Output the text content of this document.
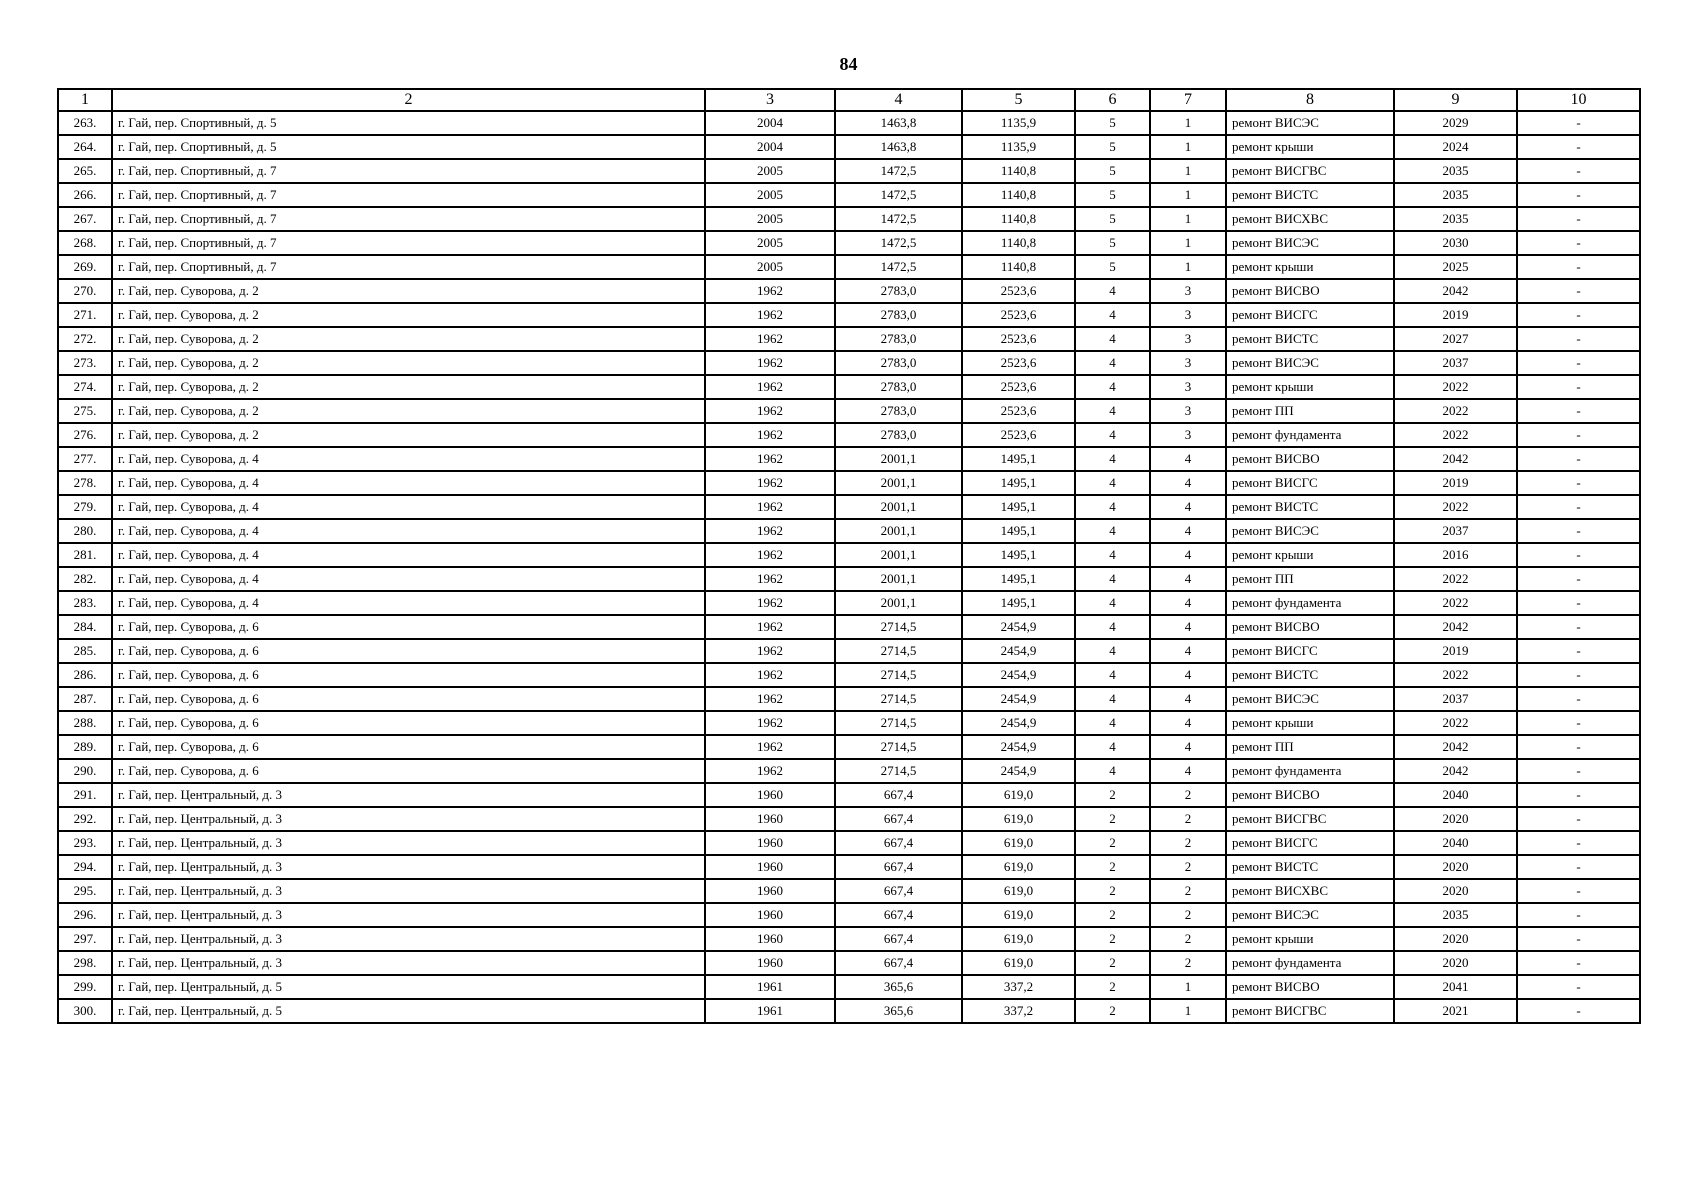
84
1	2	3	4	5	6	7	8	9	10
263.	г. Гай, пер. Спортивный, д. 5	2004	1463,8	1135,9	5	1	ремонт ВИСЭС	2029	-
264.	г. Гай, пер. Спортивный, д. 5	2004	1463,8	1135,9	5	1	ремонт крыши	2024	-
265.	г. Гай, пер. Спортивный, д. 7	2005	1472,5	1140,8	5	1	ремонт ВИСГВС	2035	-
266.	г. Гай, пер. Спортивный, д. 7	2005	1472,5	1140,8	5	1	ремонт ВИСТС	2035	-
267.	г. Гай, пер. Спортивный, д. 7	2005	1472,5	1140,8	5	1	ремонт ВИСХВС	2035	-
268.	г. Гай, пер. Спортивный, д. 7	2005	1472,5	1140,8	5	1	ремонт ВИСЭС	2030	-
269.	г. Гай, пер. Спортивный, д. 7	2005	1472,5	1140,8	5	1	ремонт крыши	2025	-
270.	г. Гай, пер. Суворова, д. 2	1962	2783,0	2523,6	4	3	ремонт ВИСВО	2042	-
271.	г. Гай, пер. Суворова, д. 2	1962	2783,0	2523,6	4	3	ремонт ВИСГС	2019	-
272.	г. Гай, пер. Суворова, д. 2	1962	2783,0	2523,6	4	3	ремонт ВИСТС	2027	-
273.	г. Гай, пер. Суворова, д. 2	1962	2783,0	2523,6	4	3	ремонт ВИСЭС	2037	-
274.	г. Гай, пер. Суворова, д. 2	1962	2783,0	2523,6	4	3	ремонт крыши	2022	-
275.	г. Гай, пер. Суворова, д. 2	1962	2783,0	2523,6	4	3	ремонт ПП	2022	-
276.	г. Гай, пер. Суворова, д. 2	1962	2783,0	2523,6	4	3	ремонт фундамента	2022	-
277.	г. Гай, пер. Суворова, д. 4	1962	2001,1	1495,1	4	4	ремонт ВИСВО	2042	-
278.	г. Гай, пер. Суворова, д. 4	1962	2001,1	1495,1	4	4	ремонт ВИСГС	2019	-
279.	г. Гай, пер. Суворова, д. 4	1962	2001,1	1495,1	4	4	ремонт ВИСТС	2022	-
280.	г. Гай, пер. Суворова, д. 4	1962	2001,1	1495,1	4	4	ремонт ВИСЭС	2037	-
281.	г. Гай, пер. Суворова, д. 4	1962	2001,1	1495,1	4	4	ремонт крыши	2016	-
282.	г. Гай, пер. Суворова, д. 4	1962	2001,1	1495,1	4	4	ремонт ПП	2022	-
283.	г. Гай, пер. Суворова, д. 4	1962	2001,1	1495,1	4	4	ремонт фундамента	2022	-
284.	г. Гай, пер. Суворова, д. 6	1962	2714,5	2454,9	4	4	ремонт ВИСВО	2042	-
285.	г. Гай, пер. Суворова, д. 6	1962	2714,5	2454,9	4	4	ремонт ВИСГС	2019	-
286.	г. Гай, пер. Суворова, д. 6	1962	2714,5	2454,9	4	4	ремонт ВИСТС	2022	-
287.	г. Гай, пер. Суворова, д. 6	1962	2714,5	2454,9	4	4	ремонт ВИСЭС	2037	-
288.	г. Гай, пер. Суворова, д. 6	1962	2714,5	2454,9	4	4	ремонт крыши	2022	-
289.	г. Гай, пер. Суворова, д. 6	1962	2714,5	2454,9	4	4	ремонт ПП	2042	-
290.	г. Гай, пер. Суворова, д. 6	1962	2714,5	2454,9	4	4	ремонт фундамента	2042	-
291.	г. Гай, пер. Центральный, д. 3	1960	667,4	619,0	2	2	ремонт ВИСВО	2040	-
292.	г. Гай, пер. Центральный, д. 3	1960	667,4	619,0	2	2	ремонт ВИСГВС	2020	-
293.	г. Гай, пер. Центральный, д. 3	1960	667,4	619,0	2	2	ремонт ВИСГС	2040	-
294.	г. Гай, пер. Центральный, д. 3	1960	667,4	619,0	2	2	ремонт ВИСТС	2020	-
295.	г. Гай, пер. Центральный, д. 3	1960	667,4	619,0	2	2	ремонт ВИСХВС	2020	-
296.	г. Гай, пер. Центральный, д. 3	1960	667,4	619,0	2	2	ремонт ВИСЭС	2035	-
297.	г. Гай, пер. Центральный, д. 3	1960	667,4	619,0	2	2	ремонт крыши	2020	-
298.	г. Гай, пер. Центральный, д. 3	1960	667,4	619,0	2	2	ремонт фундамента	2020	-
299.	г. Гай, пер. Центральный, д. 5	1961	365,6	337,2	2	1	ремонт ВИСВО	2041	-
300.	г. Гай, пер. Центральный, д. 5	1961	365,6	337,2	2	1	ремонт ВИСГВС	2021	-
